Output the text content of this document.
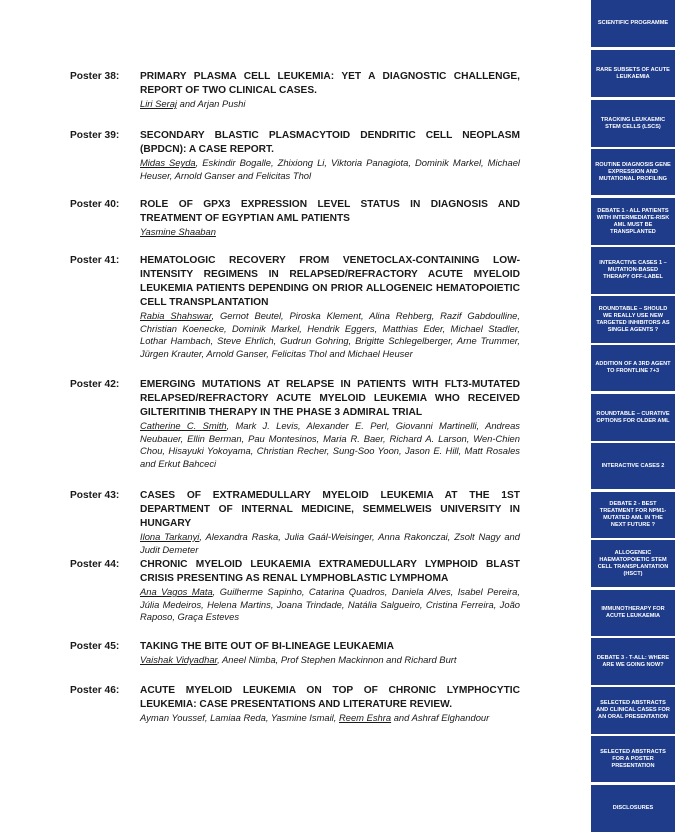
Poster 38: PRIMARY PLASMA CELL LEUKEMIA: YET A DIAGNOSTIC CHALLENGE, REPORT OF TWO CLINICAL CASES.
Liri Seraj and Arjan Pushi
Poster 39: SECONDARY BLASTIC PLASMACYTOID DENDRITIC CELL NEOPLASM (BPDCN): A CASE REPORT.
Midas Seyda, Eskindir Bogalle, Zhixiong Li, Viktoria Panagiota, Dominik Markel, Michael Heuser, Arnold Ganser and Felicitas Thol
Poster 40: ROLE OF GPX3 EXPRESSION LEVEL STATUS IN DIAGNOSIS AND TREATMENT OF EGYPTIAN AML PATIENTS
Yasmine Shaaban
Poster 41: HEMATOLOGIC RECOVERY FROM VENETOCLAX-CONTAINING LOW-INTENSITY REGIMENS IN RELAPSED/REFRACTORY ACUTE MYELOID LEUKEMIA PATIENTS DEPENDING ON PRIOR ALLOGENEIC HEMATOPOIETIC CELL TRANSPLANTATION
Rabia Shahswar, Gernot Beutel, Piroska Klement, Alina Rehberg, Razif Gabdoulline, Christian Koenecke, Dominik Markel, Hendrik Eggers, Matthias Eder, Michael Stadler, Lothar Hambach, Steve Ehrlich, Gudrun Gohring, Brigitte Schlegelberger, Arne Trummer, Jürgen Krauter, Arnold Ganser, Felicitas Thol and Michael Heuser
Poster 42: EMERGING MUTATIONS AT RELAPSE IN PATIENTS WITH FLT3-MUTATED RELAPSED/REFRACTORY ACUTE MYELOID LEUKEMIA WHO RECEIVED GILTERITINIB THERAPY IN THE PHASE 3 ADMIRAL TRIAL
Catherine C. Smith, Mark J. Levis, Alexander E. Perl, Giovanni Martinelli, Andreas Neubauer, Ellin Berman, Pau Montesinos, Maria R. Baer, Richard A. Larson, Wen-Chien Chou, Hisayuki Yokoyama, Christian Recher, Sung-Soo Yoon, Jason E. Hill, Matt Rosales and Erkut Bahceci
Poster 43: CASES OF EXTRAMEDULLARY MYELOID LEUKEMIA AT THE 1ST DEPARTMENT OF INTERNAL MEDICINE, SEMMELWEIS UNIVERSITY IN HUNGARY
Ilona Tarkanyi, Alexandra Raska, Julia Gaál-Weisinger, Anna Rakonczai, Zsolt Nagy and Judit Demeter
Poster 44: CHRONIC MYELOID LEUKAEMIA EXTRAMEDULLARY LYMPHOID BLAST CRISIS PRESENTING AS RENAL LYMPHOBLASTIC LYMPHOMA
Ana Vagos Mata, Guilherme Sapinho, Catarina Quadros, Daniela Alves, Isabel Pereira, Júlia Medeiros, Helena Martins, Joana Trindade, Natália Salgueiro, Cristina Ferreira, João Raposo, Graça Esteves
Poster 45: TAKING THE BITE OUT OF BI-LINEAGE LEUKAEMIA
Vaishak Vidyadhar, Aneel Nimba, Prof Stephen Mackinnon and Richard Burt
Poster 46: ACUTE MYELOID LEUKEMIA ON TOP OF CHRONIC LYMPHOCYTIC LEUKEMIA: CASE PRESENTATIONS AND LITERATURE REVIEW.
Ayman Youssef, Lamiaa Reda, Yasmine Ismail, Reem Eshra and Ashraf Elghandour
SCIENTIFIC PROGRAMME
RARE SUBSETS OF ACUTE LEUKAEMIA
TRACKING LEUKAEMIC STEM CELLS (LSCS)
ROUTINE DIAGNOSIS GENE EXPRESSION AND MUTATIONAL PROFILING
DEBATE 1 - ALL PATIENTS WITH INTERMEDIATE-RISK AML MUST BE TRANSPLANTED
INTERACTIVE CASES 1 – MUTATION-BASED THERAPY OFF-LABEL
ROUNDTABLE – SHOULD WE REALLY USE NEW TARGETED INHIBITORS AS SINGLE AGENTS ?
ADDITION OF A 3RD AGENT TO FRONTLINE 7+3
ROUNDTABLE – CURATIVE OPTIONS FOR OLDER AML
INTERACTIVE CASES 2
DEBATE 2 - BEST TREATMENT FOR NPM1-MUTATED AML IN THE NEXT FUTURE ?
ALLOGENEIC HAEMATOPOIETIC STEM CELL TRANSPLANTATION (HSCT)
IMMUNOTHERAPY FOR ACUTE LEUKAEMIA
DEBATE 3 - T-ALL: WHERE ARE WE GOING NOW?
SELECTED ABSTRACTS AND CLINICAL CASES FOR AN ORAL PRESENTATION
SELECTED ABSTRACTS FOR A POSTER PRESENTATION
DISCLOSURES
